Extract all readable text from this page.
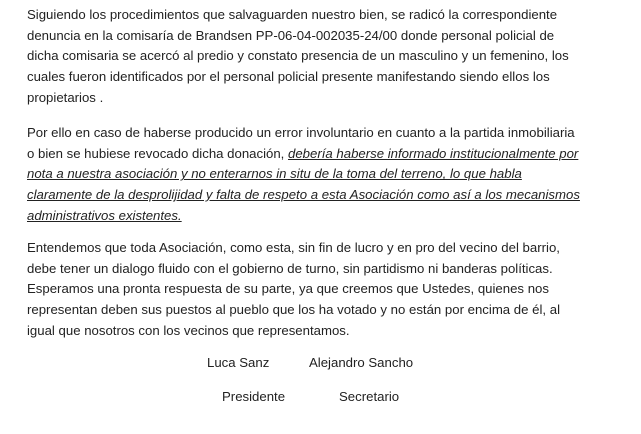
Siguiendo los procedimientos que salvaguarden nuestro bien, se radicó la correspondiente
denuncia en la comisaría de Brandsen PP-06-04-002035-24/00 donde personal policial de
dicha comisaria se acercó al predio y constato presencia de un masculino y un femenino, los
cuales fueron identificados por el personal policial presente manifestando siendo ellos los
propietarios .

Por ello en caso de haberse producido un error involuntario en cuanto a la partida inmobiliaria
o bien se hubiese revocado dicha donación, debería haberse informado institucionalmente por
nota a nuestra asociación y no enterarnos in situ de la toma del terreno, lo que habla
claramente de la desprolijidad y falta de respeto a esta Asociación como así a los mecanismos
administrativos existentes.

Entendemos que toda Asociación, como esta, sin fin de lucro y en pro del vecino del barrio,
debe tener un dialogo fluido con el gobierno de turno, sin partidismo ni banderas políticas.
Esperamos una pronta respuesta de su parte, ya que creemos que Ustedes, quienes nos
representan deben sus puestos al pueblo que los ha votado y no están por encima de él, al
igual que nosotros con los vecinos que representamos.

Luca Sanz	Alejandro Sancho
Presidente	Secretario
